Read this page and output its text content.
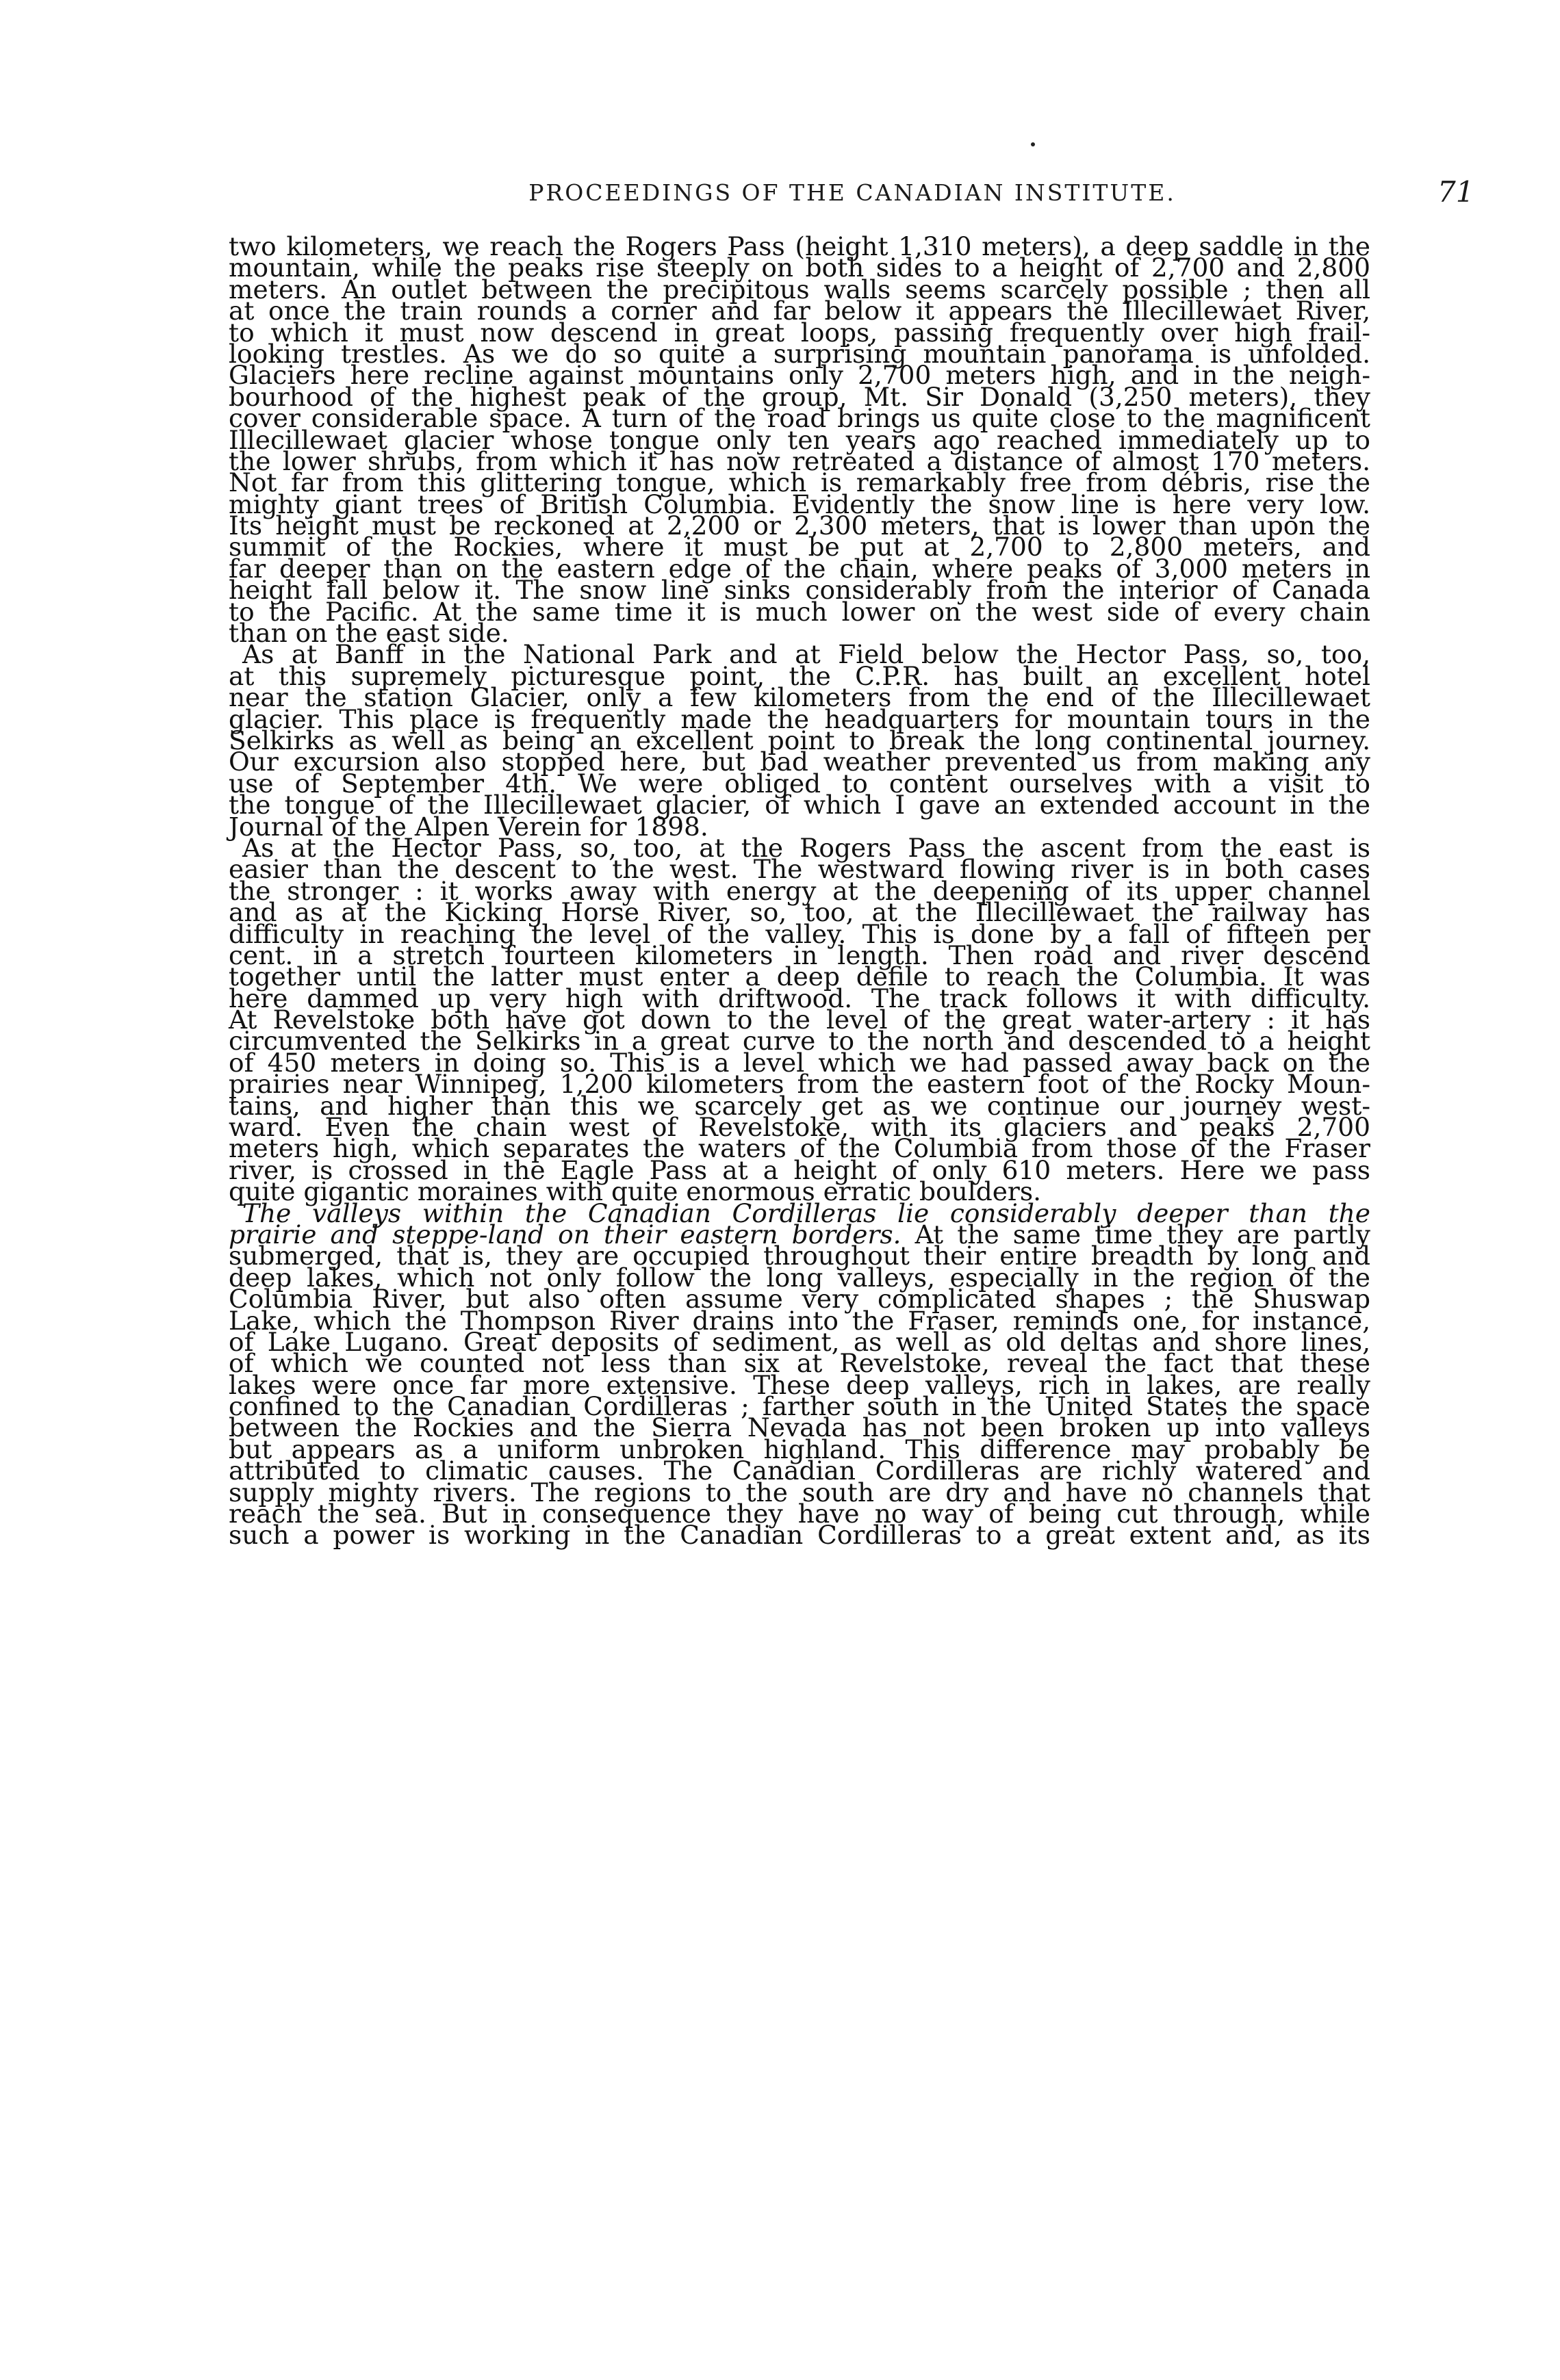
PROCEEDINGS OF THE CANADIAN INSTITUTE.	71
two kilometers, we reach the Rogers Pass (height 1,310 meters), a deep saddle in the
mountain, while the peaks rise steeply on both sides to a height of 2,700 and 2,800
meters. An outlet between the precipitous walls seems scarcely possible ; then all
at once the train rounds a corner and far below it appears the Illecillewaet River,
to which it must now descend in great loops, passing frequently over high frail-
looking trestles. As we do so quite a surprising mountain panorama is unfolded.
Glaciers here recline against mountains only 2,700 meters high, and in the neigh-
bourhood of the highest peak of the group, Mt. Sir Donald (3,250 meters), they
cover considerable space. A turn of the road brings us quite close to the magnificent
Illecillewaet glacier whose tongue only ten years ago reached immediately up to
the lower shrubs, from which it has now retreated a distance of almost 170 meters.
Not far from this glittering tongue, which is remarkably free from débris, rise the
mighty giant trees of British Columbia. Evidently the snow line is here very low.
Its height must be reckoned at 2,200 or 2,300 meters, that is lower than upon the
summit of the Rockies, where it must be put at 2,700 to 2,800 meters, and
far deeper than on the eastern edge of the chain, where peaks of 3,000 meters in
height fall below it. The snow line sinks considerably from the interior of Canada
to the Pacific. At the same time it is much lower on the west side of every chain
than on the east side.
As at Banff in the National Park and at Field below the Hector Pass, so, too,
at this supremely picturesque point, the C.P.R. has built an excellent hotel
near the station Glacier, only a few kilometers from the end of the Illecillewaet
glacier. This place is frequently made the headquarters for mountain tours in the
Selkirks as well as being an excellent point to break the long continental journey.
Our excursion also stopped here, but bad weather prevented us from making any
use of September 4th. We were obliged to content ourselves with a visit to
the tongue of the Illecillewaet glacier, of which I gave an extended account in the
Journal of the Alpen Verein for 1898.
As at the Hector Pass, so, too, at the Rogers Pass the ascent from the east is
easier than the descent to the west. The westward flowing river is in both cases
the stronger : it works away with energy at the deepening of its upper channel
and as at the Kicking Horse River, so, too, at the Illecillewaet the railway has
difficulty in reaching the level of the valley. This is done by a fall of fifteen per
cent. in a stretch fourteen kilometers in length. Then road and river descend
together until the latter must enter a deep defile to reach the Columbia. It was
here dammed up very high with driftwood. The track follows it with difficulty.
At Revelstoke both have got down to the level of the great water-artery : it has
circumvented the Selkirks in a great curve to the north and descended to a height
of 450 meters in doing so. This is a level which we had passed away back on the
prairies near Winnipeg, 1,200 kilometers from the eastern foot of the Rocky Moun-
tains, and higher than this we scarcely get as we continue our journey west-
ward. Even the chain west of Revelstoke, with its glaciers and peaks 2,700
meters high, which separates the waters of the Columbia from those of the Fraser
river, is crossed in the Eagle Pass at a height of only 610 meters. Here we pass
quite gigantic moraines with quite enormous erratic boulders.
The valleys within the Canadian Cordilleras lie considerably deeper than the
prairie and steppe-land on their eastern borders. At the same time they are partly
submerged, that is, they are occupied throughout their entire breadth by long and
deep lakes, which not only follow the long valleys, especially in the region of the
Columbia River, but also often assume very complicated shapes ; the Shuswap
Lake, which the Thompson River drains into the Fraser, reminds one, for instance,
of Lake Lugano. Great deposits of sediment, as well as old deltas and shore lines,
of which we counted not less than six at Revelstoke, reveal the fact that these
lakes were once far more extensive. These deep valleys, rich in lakes, are really
confined to the Canadian Cordilleras ; farther south in the United States the space
between the Rockies and the Sierra Nevada has not been broken up into valleys
but appears as a uniform unbroken highland. This difference may probably be
attributed to climatic causes. The Canadian Cordilleras are richly watered and
supply mighty rivers. The regions to the south are dry and have no channels that
reach the sea. But in consequence they have no way of being cut through, while
such a power is working in the Canadian Cordilleras to a great extent and, as its
